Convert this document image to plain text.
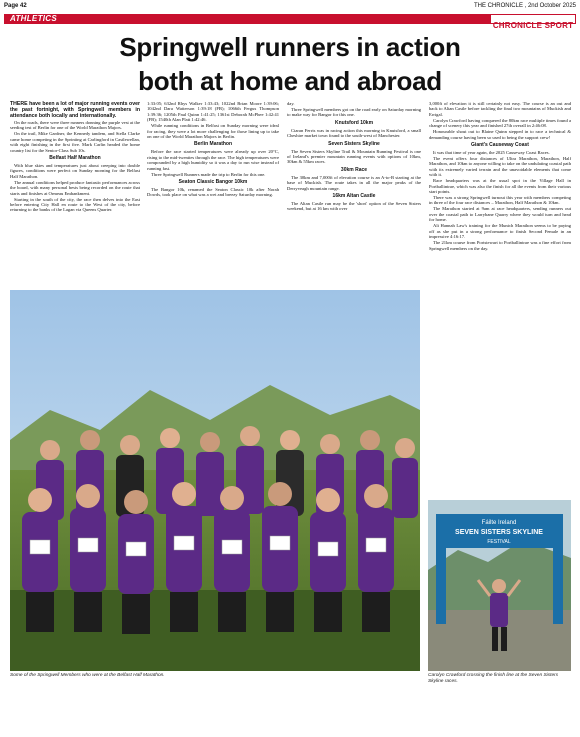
Page 42	THE CHRONICLE , 2nd October 2025
ATHLETICS
CHRONICLE SPORT
Springwell runners in action
both at home and abroad

THERE have been a lot of major running events over the past fortnight, with Springwell members in attendance both locally and internationally.

On the roads, there were three runners donning the purple vest at the seeding test of Berlin for one of the World Marathon Majors.

On the trail, Mike Gardner, the Kennedy tandem, and Stella Clarke came home competing in the Sprinting at Carlingford in Castlewellan, with eight finishing in the first five. Mark Carlin headed the home country list for the Senior-Class Sub 10s.

Belfast Half Marathon

With blue skies and temperatures just about creeping into double figures, conditions were perfect on Sunday morning for the Belfast Half Marathon.

The annual conditions helped produce fantastic performances across the board, with many personal bests being recorded on the route that starts and finishes at Ormeau Embankment.

Starting in the south of the city, the race then delves into the East before entering City Hall en route to the West of the city, before returning to the banks of the Lagan via Queens Quarter.

1:33:05; 632nd Rhys Walker 1:33:43; 1022nd Brian Moore 1:39:06; 1042nd Dara Watterson 1:39:18 (FB); 1066th Fergus Thompson 1:39:36; 1205th Paul Quinn 1:41:25; 1361st Deborah McPhee 1:42:41 (FB); 1540th Alan Platt 1:42:46.

While running conditions in Belfast on Sunday morning were ideal for racing, they were a lot more challenging for those lining up to take on one of the World Marathon Majors in Berlin.

Berlin Marathon

Before the race started temperatures were already up over 20°C, rising to the mid-twenties through the race. The high temperatures were compounded by a high humidity so it was a day to run wise instead of running fast.

Three Springwell Runners made the trip to Berlin for this one.

Seaton Classic Bangor 10km

The Bangor 10k, renamed the Seaton Classic 10k after Norah Dowds, took place on what was a wet and breezy Saturday morning.

day.

Three Springwell members got on the road early on Saturday morning to make way for Bangor for this one.

Knutsford 10km

Ciaran Ferris was in racing action this morning in Knutsford, a small Cheshire market town found to the south-west of Manchester.

Seven Sisters Skyline

The Seven Sisters Skyline Trail & Mountain Running Festival is one of Ireland's premier mountain running events with options of 10km, 30km & 55km races.

30km Race

The 30km and 7,000ft of elevation course is an A-to-B starting at the base of Muckish. The route takes in all the major peaks of the Derryveagh mountain range.

16km Altan Castle

The Altan Castle run may be the 'short' option of the Seven Sisters weekend, but at 16 km with over

3,000ft of elevation it is still certainly not easy. The course is an out and back to Altan Castle before tackling the final two mountains of Muckish and Errigal.

Carolyn Crawford having conquered the 80km race multiple times found a change of scenery this year and finished 27th overall in 2:46:08.

Honourable shout out to Blaine Quinn stepped in to race a technical & demanding course having been so used to being the support crew!

Giant's Causeway Coast

It was that time of year again, the 2025 Causeway Coast Races.

The event offers four distances of Ultra Marathon, Marathon, Half Marathon, and 10km to anyone willing to take on the undulating coastal path with its extremely varied terrain and the unavoidable elements that come with it.

Race headquarters was at the usual spot in the Village Hall in Portballintrae, which was also the finish for all the events from their various start points.

There was a strong Springwell turnout this year with members competing in three of the four race distances – Marathon, Half Marathon & 10km.

The Marathon started at 9am at race headquarters, sending runners out over the coastal path to Larrybane Quarry where they would turn and head for home.

Ali Hannah Law's training for the Munich Marathon seems to be paying off as she put in a strong performance to finish Second Female in an impressive 4:16:17.

The 21km course from Portstewart to Portballintrae was a fine effort from Springwell members on the day.

Fáilte Ireland
SEVEN SISTERS SKYLINE
FESTIVAL
Some of the Springwell Members who were at the Belfast Half Marathon.	Carolyn Crawford crossing the finish line at the Seven Sisters Skyline races.
